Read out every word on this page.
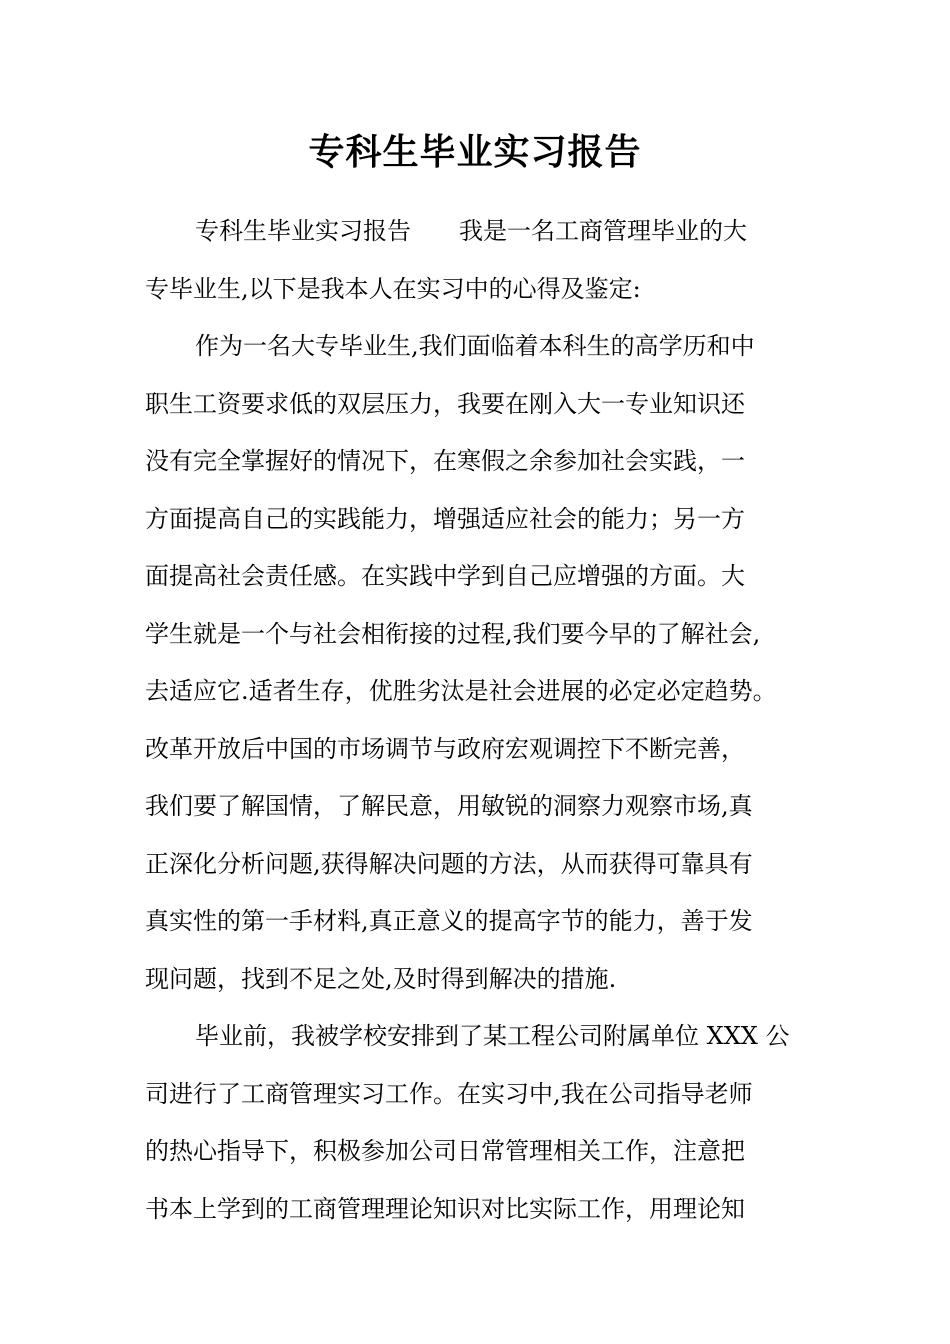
专科生毕业实习报告
专科生毕业实习报告　　我是一名工商管理毕业的大
专毕业生,以下是我本人在实习中的心得及鉴定:
作为一名大专毕业生,我们面临着本科生的高学历和中
职生工资要求低的双层压力，我要在刚入大一专业知识还
没有完全掌握好的情况下，在寒假之余参加社会实践，一
方面提高自己的实践能力，增强适应社会的能力；另一方
面提高社会责任感。在实践中学到自己应增强的方面。大
学生就是一个与社会相衔接的过程,我们要今早的了解社会,
去适应它.适者生存，优胜劣汰是社会进展的必定必定趋势。
改革开放后中国的市场调节与政府宏观调控下不断完善，
我们要了解国情，了解民意，用敏锐的洞察力观察市场,真
正深化分析问题,获得解决问题的方法，从而获得可靠具有
真实性的第一手材料,真正意义的提高字节的能力，善于发
现问题，找到不足之处,及时得到解决的措施.
毕业前，我被学校安排到了某工程公司附属单位 XXX 公
司进行了工商管理实习工作。在实习中,我在公司指导老师
的热心指导下，积极参加公司日常管理相关工作，注意把
书本上学到的工商管理理论知识对比实际工作，用理论知
